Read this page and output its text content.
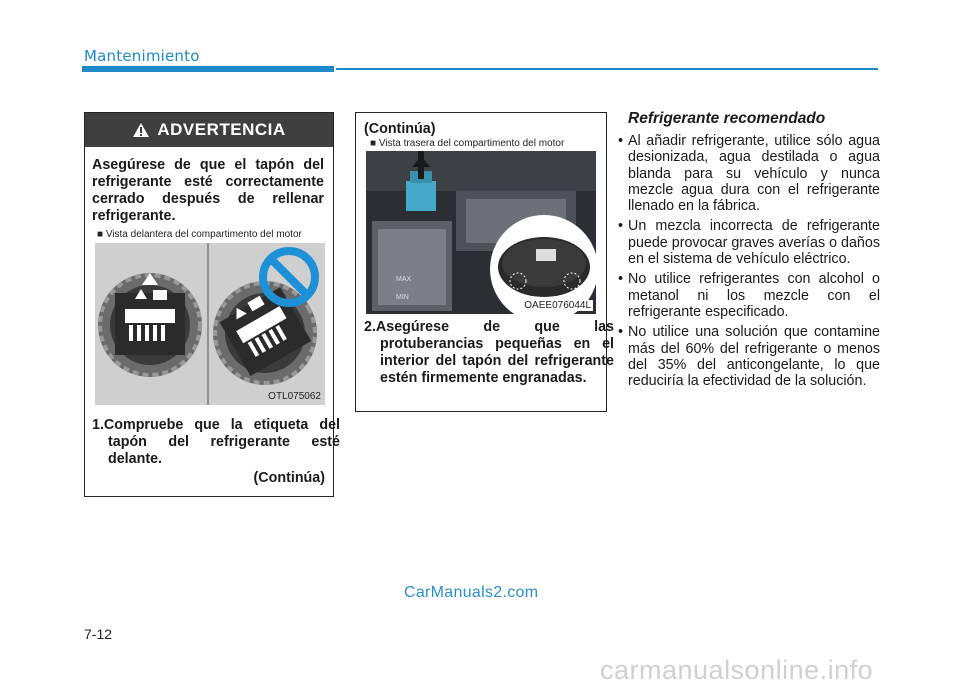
Mantenimiento
ADVERTENCIA
Asegúrese de que el tapón del refrigerante esté correctamente cerrado después de rellenar refrigerante.
■ Vista delantera del compartimento del motor
OTL075062
1.Compruebe que la etiqueta del tapón del refrigerante esté delante.
(Continúa)
(Continúa)
■ Vista trasera del compartimento del motor
MAX
MIN
OAEE076044L
2.Asegúrese de que las protuberancias pequeñas en el interior del tapón del refrigerante estén firmemente engranadas.
Refrigerante recomendado
• Al añadir refrigerante, utilice sólo agua desionizada, agua destilada o agua blanda para su vehículo y nunca mezcle agua dura con el refrigerante llenado en la fábrica.
• Un mezcla incorrecta de refrigerante puede provocar graves averías o daños en el sistema de vehículo eléctrico.
• No utilice refrigerantes con alcohol o metanol ni los mezcle con el refrigerante especificado.
• No utilice una solución que contamine más del 60% del refrigerante o menos del 35% del anticongelante, lo que reduciría la efectividad de la solución.
CarManuals2.com
7-12
carmanualsonline.info
